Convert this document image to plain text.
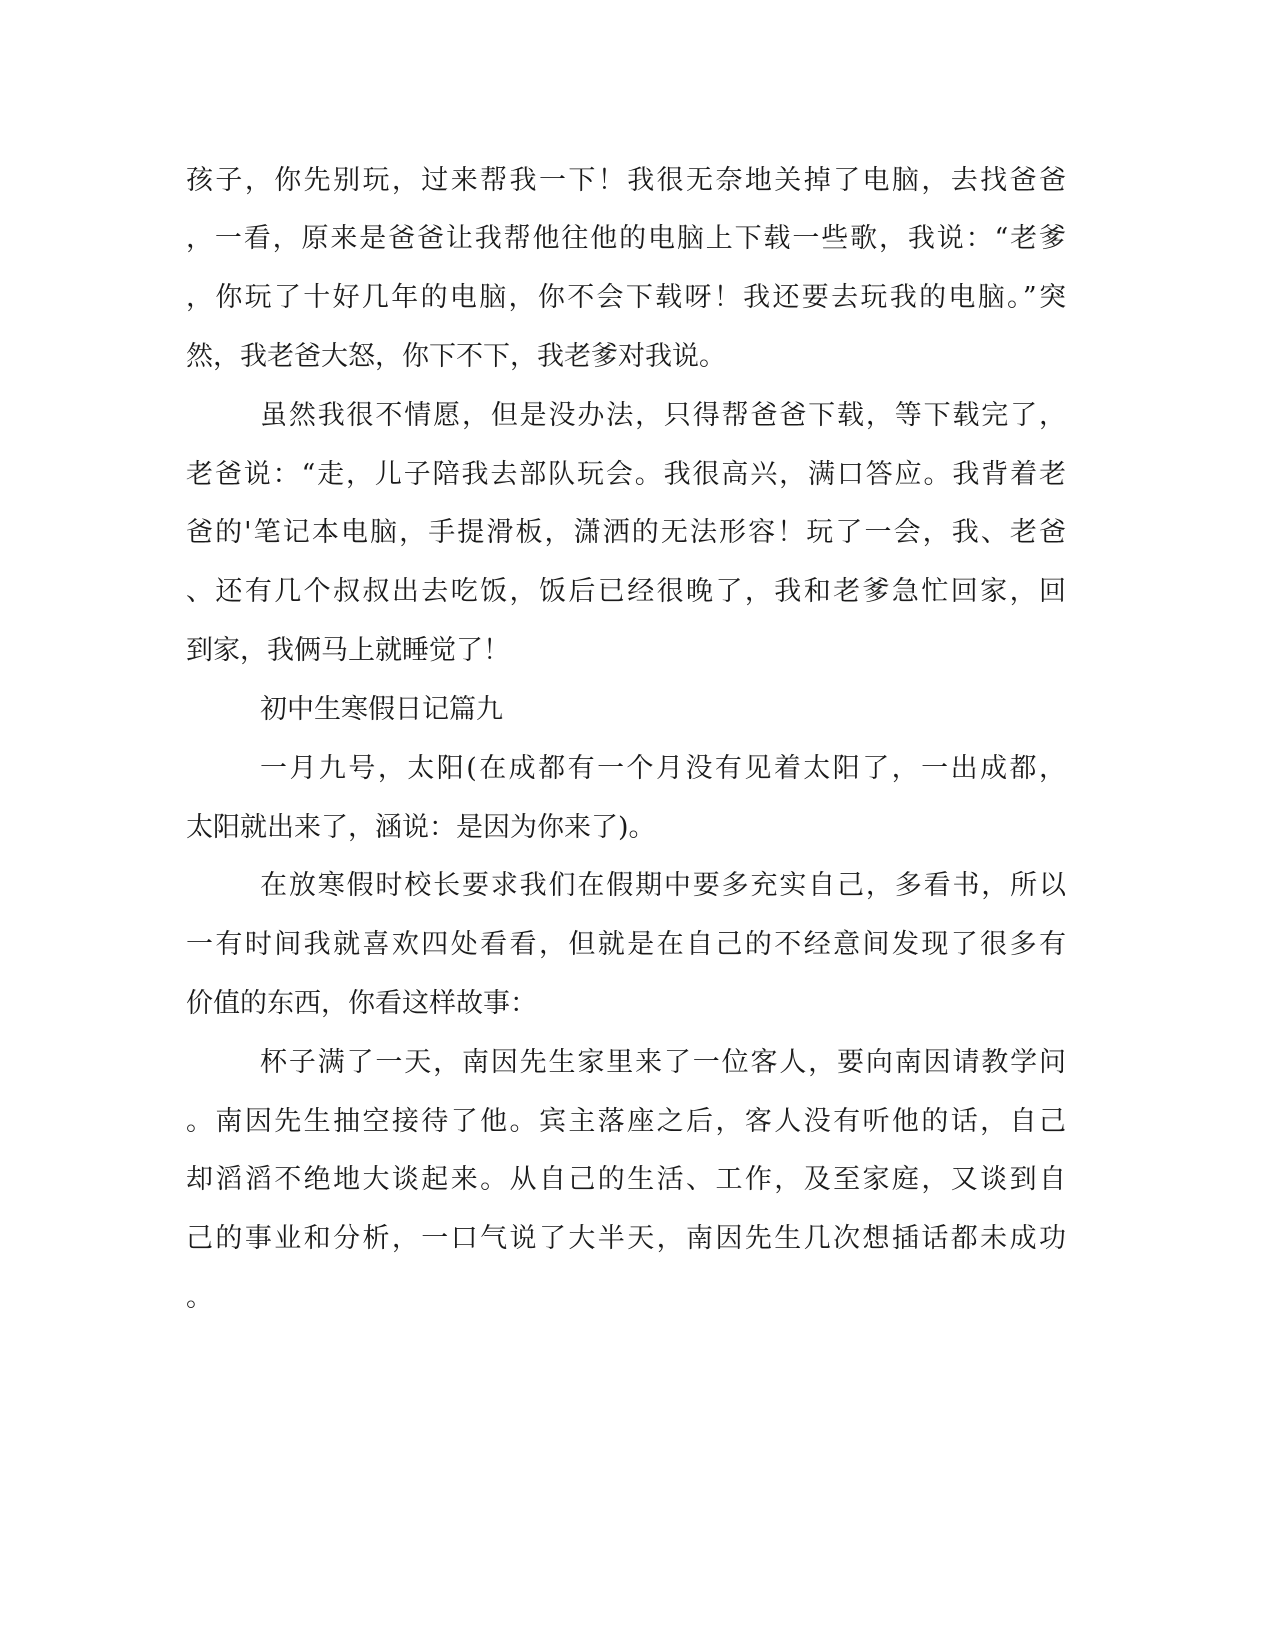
孩子，你先别玩，过来帮我一下！我很无奈地关掉了电脑，去找爸爸
，一看，原来是爸爸让我帮他往他的电脑上下载一些歌，我说：“老爹
，你玩了十好几年的电脑，你不会下载呀！我还要去玩我的电脑。”突
然，我老爸大怒，你下不下，我老爹对我说。
虽然我很不情愿，但是没办法，只得帮爸爸下载，等下载完了，
老爸说：“走，儿子陪我去部队玩会。我很高兴，满口答应。我背着老
爸的'笔记本电脑，手提滑板，潇洒的无法形容！玩了一会，我、老爸
、还有几个叔叔出去吃饭，饭后已经很晚了，我和老爹急忙回家，回
到家，我俩马上就睡觉了！
初中生寒假日记篇九
一月九号，太阳(在成都有一个月没有见着太阳了，一出成都，
太阳就出来了，涵说：是因为你来了)。
在放寒假时校长要求我们在假期中要多充实自己，多看书，所以
一有时间我就喜欢四处看看，但就是在自己的不经意间发现了很多有
价值的东西，你看这样故事：
杯子满了一天，南因先生家里来了一位客人，要向南因请教学问
。南因先生抽空接待了他。宾主落座之后，客人没有听他的话，自己
却滔滔不绝地大谈起来。从自己的生活、工作，及至家庭，又谈到自
己的事业和分析，一口气说了大半天，南因先生几次想插话都未成功
。
